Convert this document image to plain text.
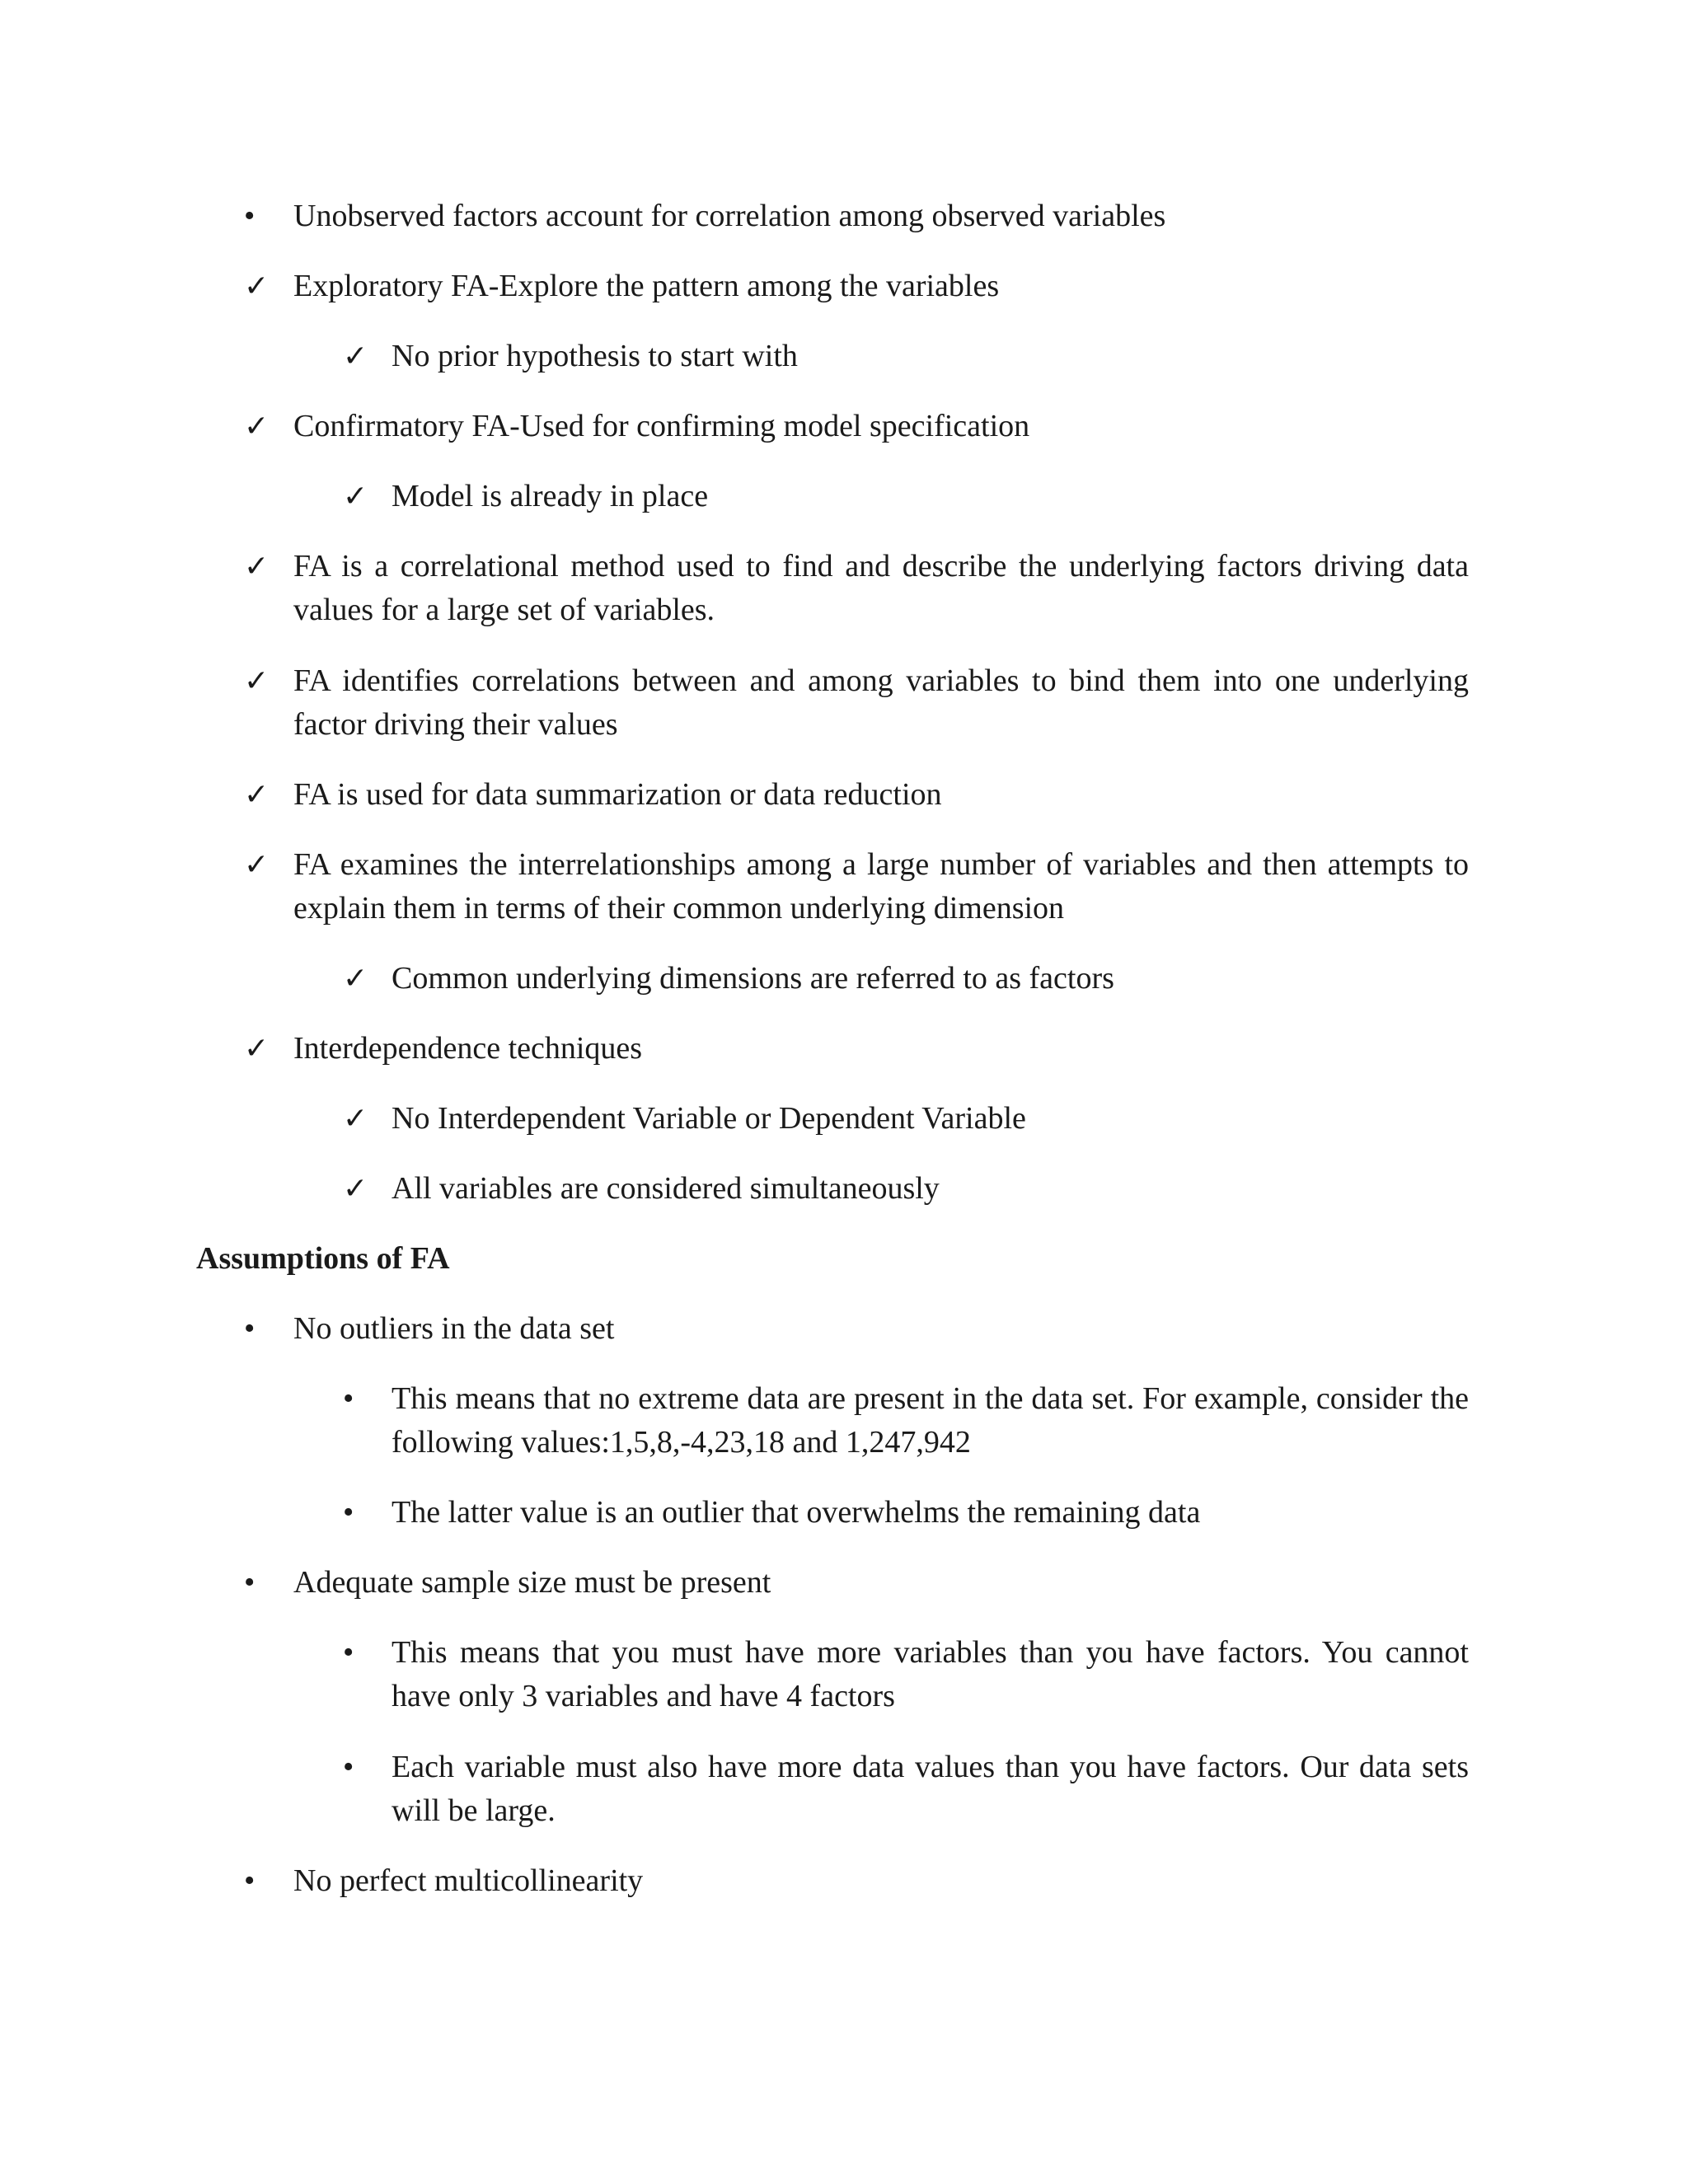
• Unobserved factors account for correlation among observed variables
✓ Exploratory FA-Explore the pattern among the variables
✓ No prior hypothesis to start with
✓ Confirmatory FA-Used for confirming model specification
✓ Model is already in place
✓ FA is a correlational method used to find and describe the underlying factors driving data values for a large set of variables.
✓ FA identifies correlations between and among variables to bind them into one underlying factor driving their values
✓ FA is used for data summarization or data reduction
✓ FA examines the interrelationships among a large number of variables and then attempts to explain them in terms of their common underlying dimension
✓ Common underlying dimensions are referred to as factors
✓ Interdependence techniques
✓ No Interdependent Variable or Dependent Variable
✓ All variables are considered simultaneously
Assumptions of FA
• No outliers in the data set
• This means that no extreme data are present in the data set. For example, consider the following values:1,5,8,-4,23,18 and 1,247,942
• The latter value is an outlier that overwhelms the remaining data
• Adequate sample size must be present
• This means that you must have more variables than you have factors. You cannot have only 3 variables and have 4 factors
• Each variable must also have more data values than you have factors. Our data sets will be large.
• No perfect multicollinearity
